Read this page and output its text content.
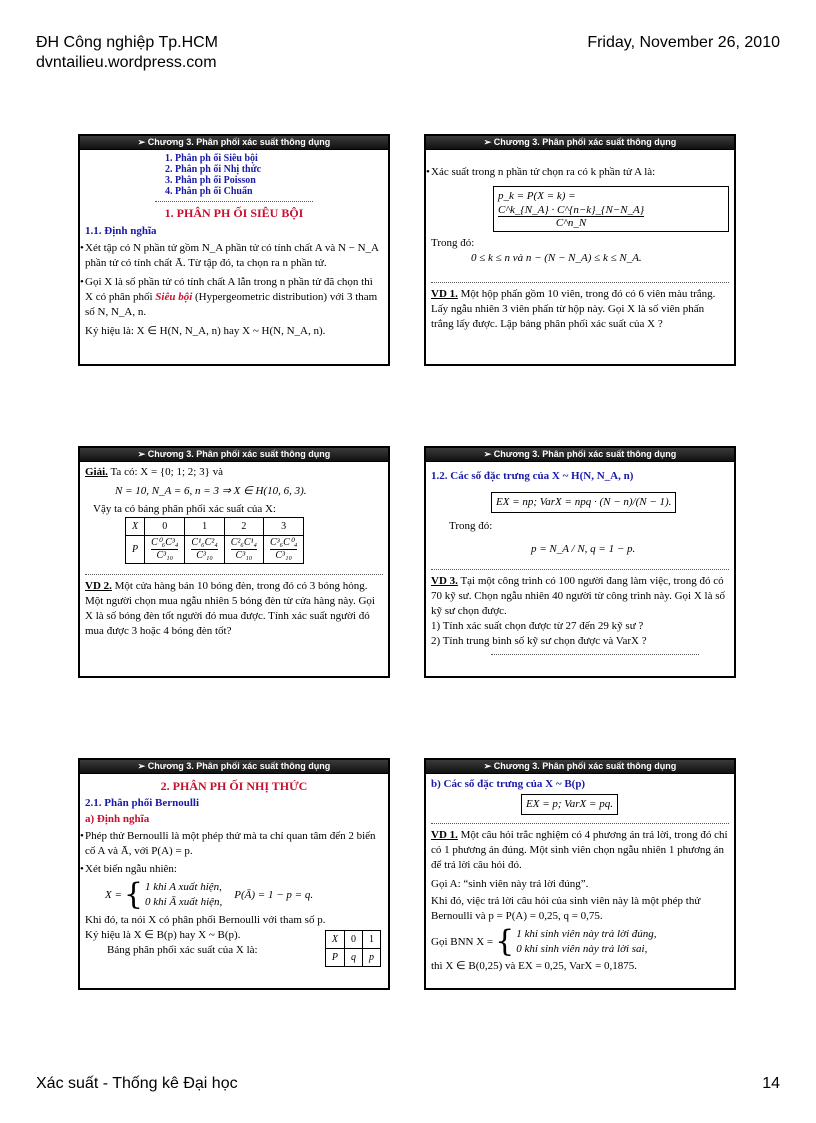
ĐH Công nghiệp Tp.HCM
dvntailieu.wordpress.com
Friday, November 26, 2010
➢ Chương 3. Phân phối xác suất thông dụng
1. Phân ph ối Siêu bội
2. Phân ph ối Nhị thức
3. Phân ph ối Poisson
4. Phân ph ối Chuẩn
1. PHÂN PH ỐI SIÊU BỘI
1.1. Định nghĩa
• Xét tập có N phần tử gồm N_A phần tử có tính chất A và N − N_A phần tử có tính chất Ā. Từ tập đó, ta chọn ra n phần tử.
• Gọi X là số phần tử có tính chất A lẫn trong n phần tử đã chọn thì X có phân phối Siêu bội (Hypergeometric distribution) với 3 tham số N, N_A, n.
Ký hiệu là: X ∈ H(N, N_A, n) hay X ~ H(N, N_A, n).
➢ Chương 3. Phân phối xác suất thông dụng
• Xác suất trong n phần tử chọn ra có k phần tử A là:
p_k = P(X = k) =
$\frac{C\^{}k\_\{N\_A\} \cdot C\^{}\{n-k\}\_\{N-N\_A\}}{C\^{}n\_N}$
Trong đó:
0 ≤ k ≤ n và n − (N − N_A) ≤ k ≤ N_A.
VD 1. Một hộp phấn gồm 10 viên, trong đó có 6 viên màu trắng. Lấy ngẫu nhiên 3 viên phấn từ hộp này. Gọi X là số viên phấn trắng lấy được. Lập bảng phân phối xác suất của X ?
➢ Chương 3. Phân phối xác suất thông dụng
Giải. Ta có: X = {0; 1; 2; 3} và
N = 10, N_A = 6, n = 3 ⇒ X ∈ H(10, 6, 3).
Vậy ta có bảng phân phối xác suất của X:
X	0	1	2	3
P	$\frac{\text{C⁰₆C³₄}}{\text{C³₁₀}}$	$\frac{\text{C¹₆C²₄}}{\text{C³₁₀}}$	$\frac{\text{C²₆C¹₄}}{\text{C³₁₀}}$	$\frac{\text{C³₆C⁰₄}}{\text{C³₁₀}}$
VD 2. Một cửa hàng bán 10 bóng đèn, trong đó có 3 bóng hỏng. Một người chọn mua ngẫu nhiên 5 bóng đèn từ cửa hàng này. Gọi X là số bóng đèn tốt người đó mua được. Tính xác suất người đó mua được 3 hoặc 4 bóng đèn tốt?
➢ Chương 3. Phân phối xác suất thông dụng
1.2. Các số đặc trưng của X ~ H(N, N_A, n)
EX = np; VarX = npq · (N − n)/(N − 1).
Trong đó:
p = N_A / N, q = 1 − p.
VD 3. Tại một công trình có 100 người đang làm việc, trong đó có 70 kỹ sư. Chọn ngẫu nhiên 40 người từ công trình này. Gọi X là số kỹ sư chọn được.
1) Tính xác suất chọn được từ 27 đến 29 kỹ sư ?
2) Tính trung bình số kỹ sư chọn được và VarX ?
➢ Chương 3. Phân phối xác suất thông dụng
2. PHÂN PH ỐI NHỊ THỨC
2.1. Phân phối Bernoulli
a) Định nghĩa
• Phép thử Bernoulli là một phép thử mà ta chỉ quan tâm đến 2 biến cố A và Ā, với P(A) = p.
• Xét biến ngẫu nhiên:
X = { 1 khi A xuất hiện,
0 khi Ā xuất hiện,
P(Ā) = 1 − p = q.
Khi đó, ta nói X có phân phối Bernoulli với tham số p.
Ký hiệu là X ∈ B(p) hay X ~ B(p).
Bảng phân phối xác suất của X là:
X	0	1
P	q	p
➢ Chương 3. Phân phối xác suất thông dụng
b) Các số đặc trưng của X ~ B(p)
EX = p; VarX = pq.
VD 1. Một câu hỏi trắc nghiệm có 4 phương án trả lời, trong đó chỉ có 1 phương án đúng. Một sinh viên chọn ngẫu nhiên 1 phương án để trả lời câu hỏi đó.
Gọi A: “sinh viên này trả lời đúng”.
Khi đó, việc trả lời câu hỏi của sinh viên này là một phép thử Bernoulli và p = P(A) = 0,25, q = 0,75.
Gọi BNN X = { 1 khi sinh viên này trả lời đúng,
0 khi sinh viên này trả lời sai,
thì X ∈ B(0,25) và EX = 0,25, VarX = 0,1875.
Xác suất - Thống kê Đại học	14
